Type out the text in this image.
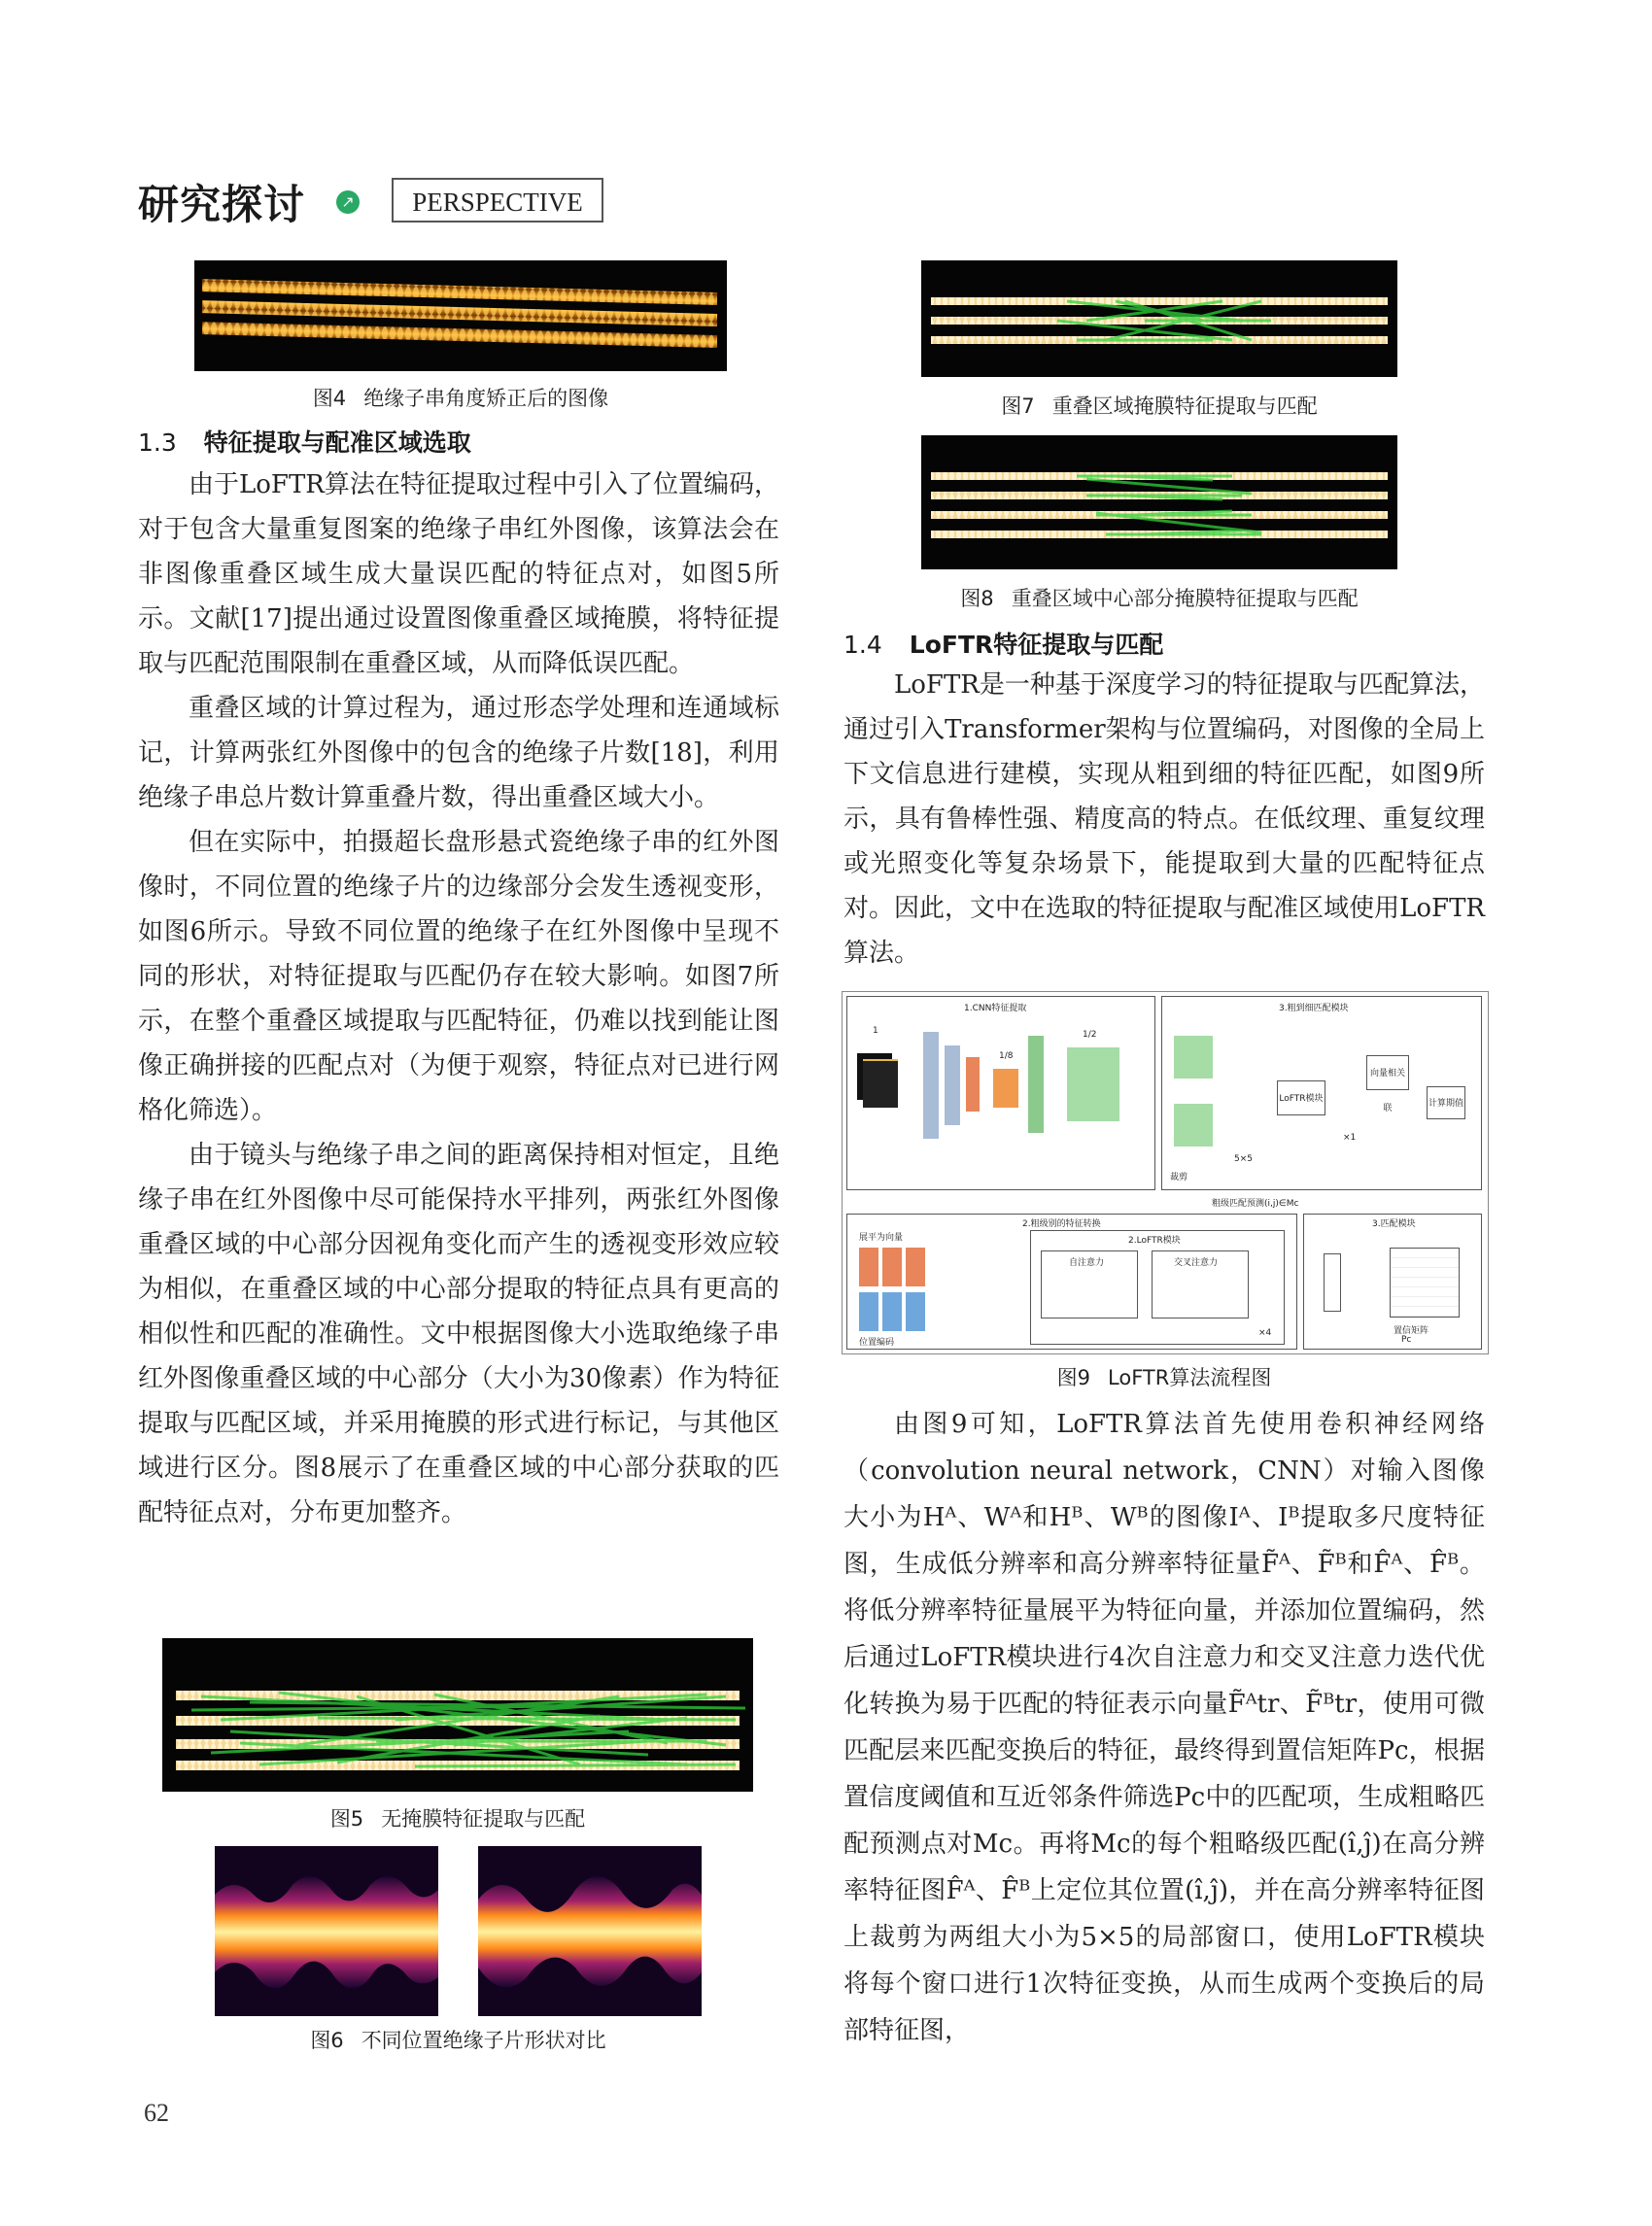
研究探讨	↗	PERSPECTIVE
图4 绝缘子串角度矫正后的图像
1.3 特征提取与配准区域选取

由于LoFTR算法在特征提取过程中引入了位置编码，对于包含大量重复图案的绝缘子串红外图像，该算法会在非图像重叠区域生成大量误匹配的特征点对，如图5所示。文献[17]提出通过设置图像重叠区域掩膜，将特征提取与匹配范围限制在重叠区域，从而降低误匹配。

重叠区域的计算过程为，通过形态学处理和连通域标记，计算两张红外图像中的包含的绝缘子片数[18]，利用绝缘子串总片数计算重叠片数，得出重叠区域大小。

但在实际中，拍摄超长盘形悬式瓷绝缘子串的红外图像时，不同位置的绝缘子片的边缘部分会发生透视变形，如图6所示。导致不同位置的绝缘子在红外图像中呈现不同的形状，对特征提取与匹配仍存在较大影响。如图7所示，在整个重叠区域提取与匹配特征，仍难以找到能让图像正确拼接的匹配点对（为便于观察，特征点对已进行网格化筛选）。

由于镜头与绝缘子串之间的距离保持相对恒定，且绝缘子串在红外图像中尽可能保持水平排列，两张红外图像重叠区域的中心部分因视角变化而产生的透视变形效应较为相似，在重叠区域的中心部分提取的特征点具有更高的相似性和匹配的准确性。文中根据图像大小选取绝缘子串红外图像重叠区域的中心部分（大小为30像素）作为特征提取与匹配区域，并采用掩膜的形式进行标记，与其他区域进行区分。图8展示了在重叠区域的中心部分获取的匹配特征点对，分布更加整齐。

图5 无掩膜特征提取与匹配
图6 不同位置绝缘子片形状对比
图7 重叠区域掩膜特征提取与匹配
图8 重叠区域中心部分掩膜特征提取与匹配
1.4 LoFTR特征提取与匹配

LoFTR是一种基于深度学习的特征提取与匹配算法，通过引入Transformer架构与位置编码，对图像的全局上下文信息进行建模，实现从粗到细的特征匹配，如图9所示，具有鲁棒性强、精度高的特点。在低纹理、重复纹理或光照变化等复杂场景下，能提取到大量的匹配特征点对。因此，文中在选取的特征提取与配准区域使用LoFTR算法。

1.CNN特征提取
1
1/8
1/2
3.粗到细匹配模块
LoFTR模块
×1
5×5
裁剪
向量相关联	计算期值
粗级匹配预测(i,j)∈Mc
2.粗级别的特征转换
展平为向量
位置编码
2.LoFTR模块
自注意力	交叉注意力
×4
3.匹配模块
置信矩阵
Pc
图9 LoFTR算法流程图

由图9可知，LoFTR算法首先使用卷积神经网络（convolution neural network，CNN）对输入图像大小为Hᴬ、Wᴬ和Hᴮ、Wᴮ的图像Iᴬ、Iᴮ提取多尺度特征图，生成低分辨率和高分辨率特征量F̃ᴬ、F̃ᴮ和F̂ᴬ、F̂ᴮ。将低分辨率特征量展平为特征向量，并添加位置编码，然后通过LoFTR模块进行4次自注意力和交叉注意力迭代优化转换为易于匹配的特征表示向量F̃ᴬtr、F̃ᴮtr，使用可微匹配层来匹配变换后的特征，最终得到置信矩阵Pc，根据置信度阈值和互近邻条件筛选Pc中的匹配项，生成粗略匹配预测点对Mc。再将Mc的每个粗略级匹配(î,ĵ)在高分辨率特征图F̂ᴬ、F̂ᴮ上定位其位置(î,ĵ)，并在高分辨率特征图上裁剪为两组大小为5×5的局部窗口，使用LoFTR模块将每个窗口进行1次特征变换，从而生成两个变换后的局部特征图，

62
